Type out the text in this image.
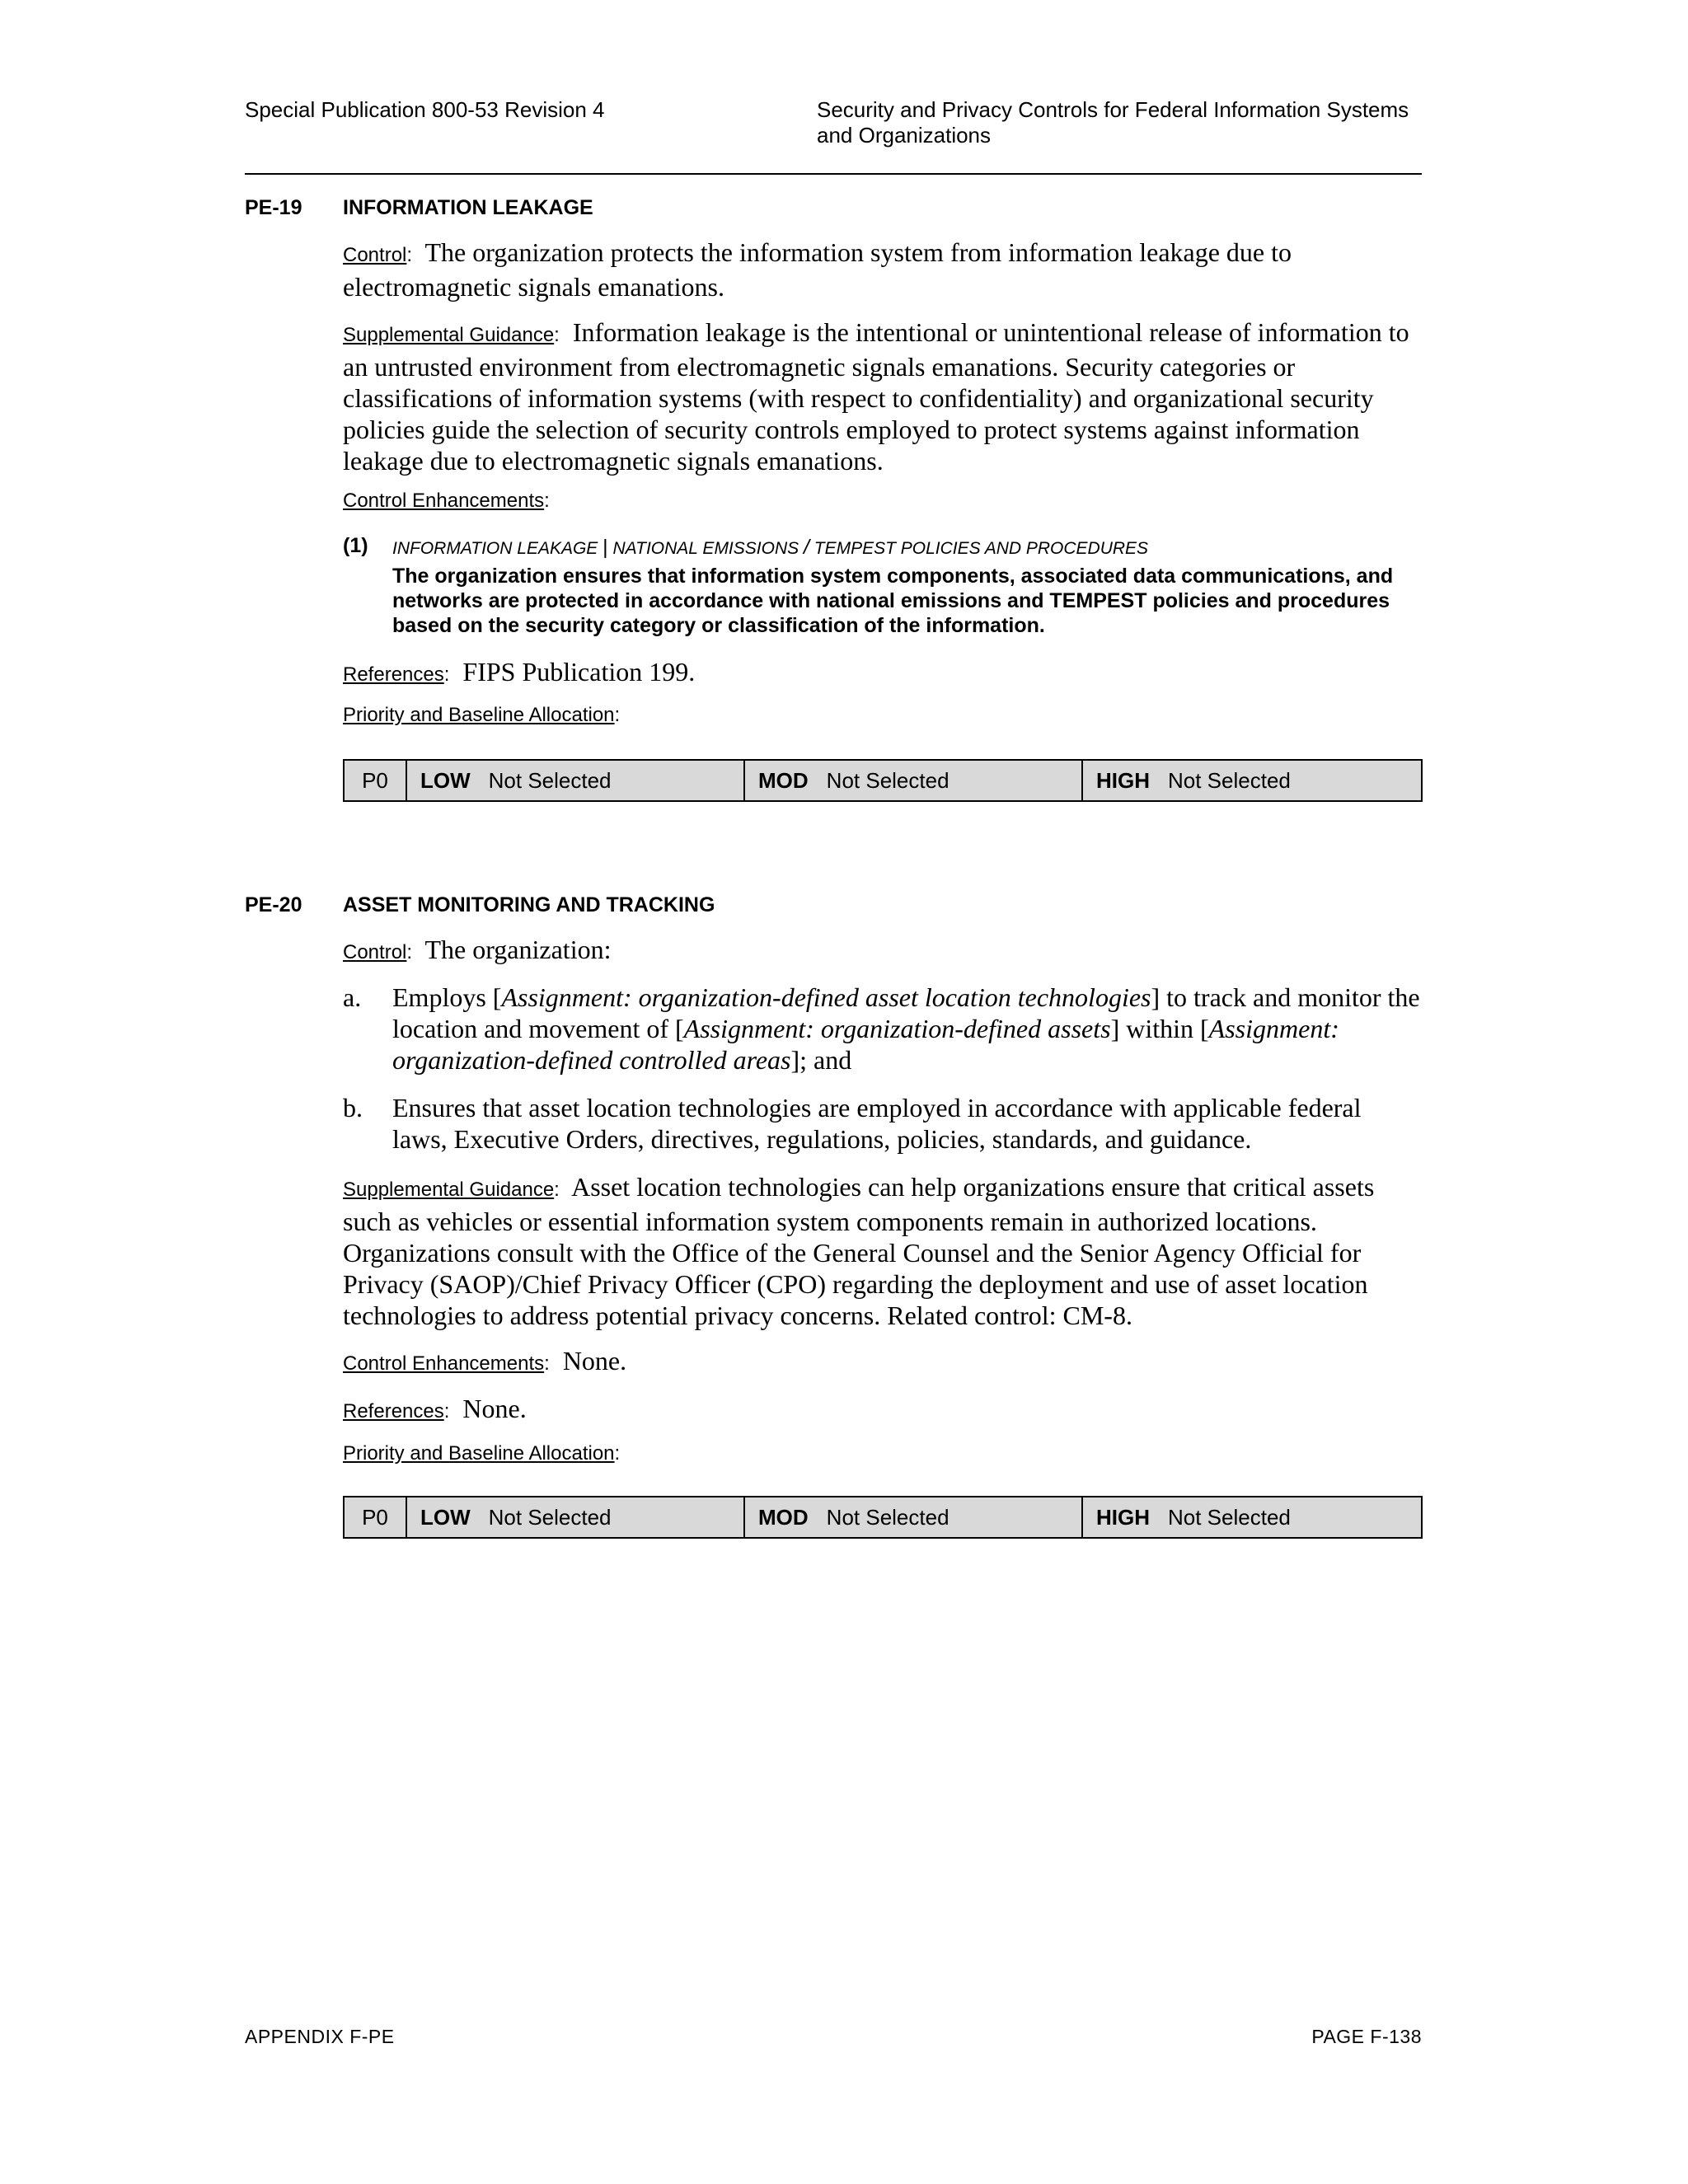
Special Publication 800-53 Revision 4	Security and Privacy Controls for Federal Information Systems
and Organizations
PE-19 INFORMATION LEAKAGE
Control: The organization protects the information system from information leakage due to electromagnetic signals emanations.
Supplemental Guidance: Information leakage is the intentional or unintentional release of information to an untrusted environment from electromagnetic signals emanations. Security categories or classifications of information systems (with respect to confidentiality) and organizational security policies guide the selection of security controls employed to protect systems against information leakage due to electromagnetic signals emanations.
Control Enhancements:
(1) INFORMATION LEAKAGE | NATIONAL EMISSIONS / TEMPEST POLICIES AND PROCEDURES
The organization ensures that information system components, associated data communications, and networks are protected in accordance with national emissions and TEMPEST policies and procedures based on the security category or classification of the information.
References: FIPS Publication 199.
Priority and Baseline Allocation:
P0	LOW Not Selected	MOD Not Selected	HIGH Not Selected
PE-20 ASSET MONITORING AND TRACKING
Control: The organization:
a. Employs [Assignment: organization-defined asset location technologies] to track and monitor the location and movement of [Assignment: organization-defined assets] within [Assignment: organization-defined controlled areas]; and
b. Ensures that asset location technologies are employed in accordance with applicable federal laws, Executive Orders, directives, regulations, policies, standards, and guidance.
Supplemental Guidance: Asset location technologies can help organizations ensure that critical assets such as vehicles or essential information system components remain in authorized locations. Organizations consult with the Office of the General Counsel and the Senior Agency Official for Privacy (SAOP)/Chief Privacy Officer (CPO) regarding the deployment and use of asset location technologies to address potential privacy concerns. Related control: CM-8.
Control Enhancements: None.
References: None.
Priority and Baseline Allocation:
P0	LOW Not Selected	MOD Not Selected	HIGH Not Selected
APPENDIX F-PE	PAGE F-138
